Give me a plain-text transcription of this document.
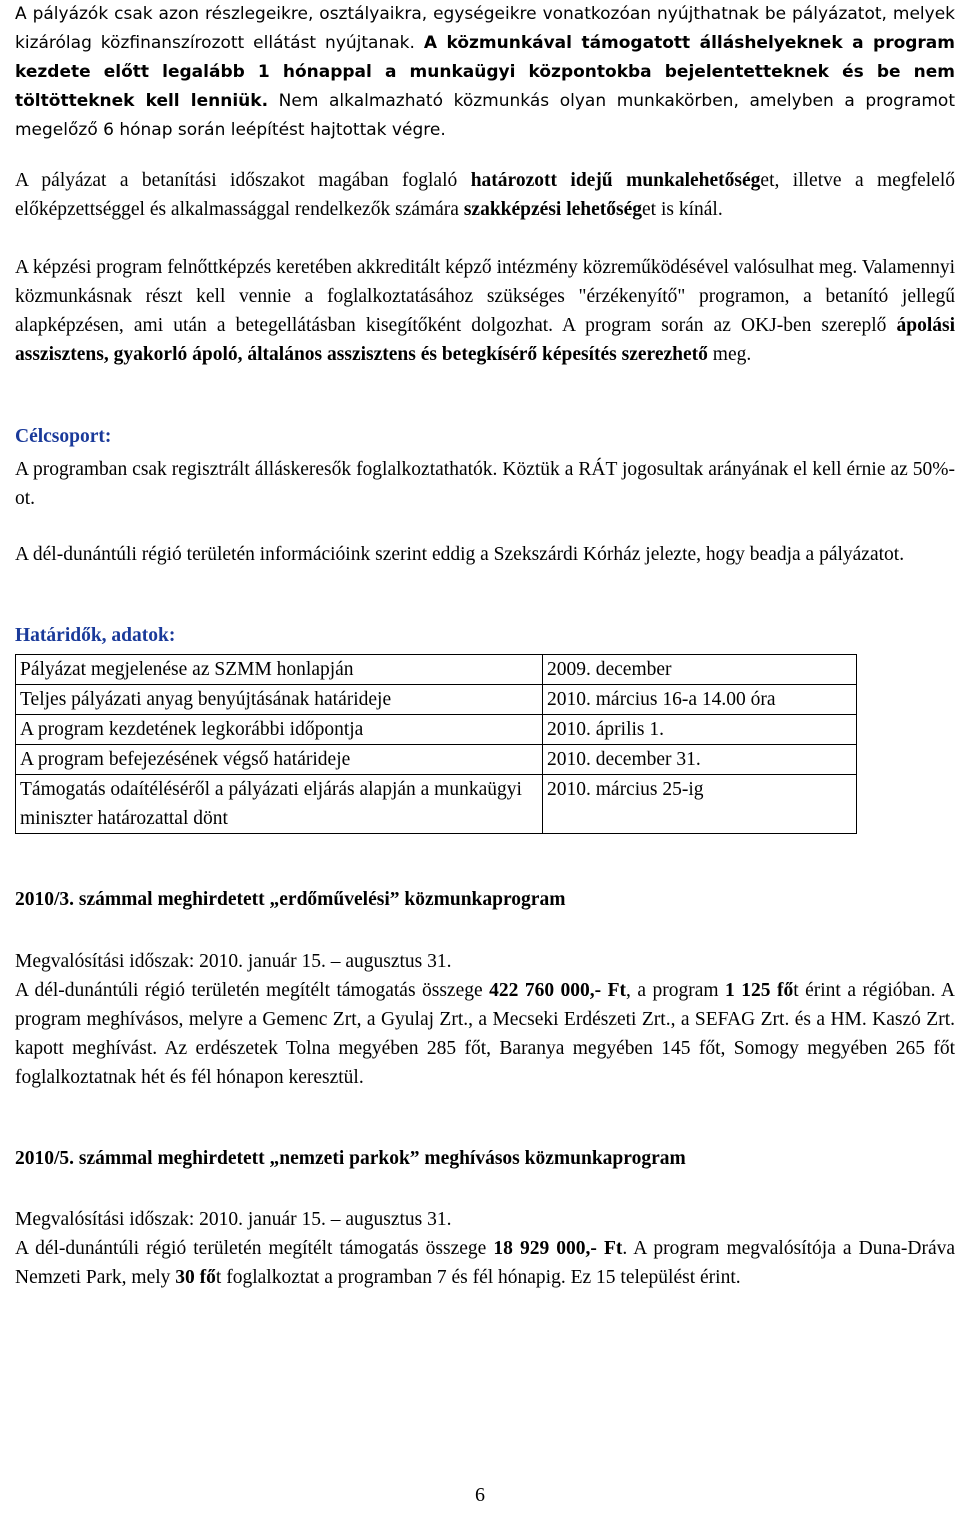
A pályázók csak azon részlegeikre, osztályaikra, egységeikre vonatkozóan nyújthatnak be pályázatot, melyek kizárólag közfinanszírozott ellátást nyújtanak. A közmunkával támogatott álláshelyeknek a program kezdete előtt legalább 1 hónappal a munkaügyi központokba bejelentetteknek és be nem töltötteknek kell lenniük. Nem alkalmazható közmunkás olyan munkakörben, amelyben a programot megelőző 6 hónap során leépítést hajtottak végre.

A pályázat a betanítási időszakot magában foglaló határozott idejű munkalehetőséget, illetve a megfelelő előképzettséggel és alkalmassággal rendelkezők számára szakképzési lehetőséget is kínál.

A képzési program felnőttképzés keretében akkreditált képző intézmény közreműködésével valósulhat meg. Valamennyi közmunkásnak részt kell vennie a foglalkoztatásához szükséges "érzékenyítő" programon, a betanító jellegű alapképzésen, ami után a betegellátásban kisegítőként dolgozhat. A program során az OKJ-ben szereplő ápolási asszisztens, gyakorló ápoló, általános asszisztens és betegkísérő képesítés szerezhető meg.

Célcsoport:

A programban csak regisztrált álláskeresők foglalkoztathatók. Köztük a RÁT jogosultak arányának el kell érnie az 50%-ot.

A dél-dunántúli régió területén információink szerint eddig a Szekszárdi Kórház jelezte, hogy beadja a pályázatot.

Határidők, adatok:

Pályázat megjelenése az SZMM honlapján	2009. december
Teljes pályázati anyag benyújtásának határideje	2010. március 16-a 14.00 óra
A program kezdetének legkorábbi időpontja	2010. április 1.
A program befejezésének végső határideje	2010. december 31.
Támogatás odaítéléséről a pályázati eljárás alapján a munkaügyi miniszter határozattal dönt	2010. március 25-ig

2010/3. számmal meghirdetett „erdőművelési” közmunkaprogram

Megvalósítási időszak: 2010. január 15. – augusztus 31.

A dél-dunántúli régió területén megítélt támogatás összege 422 760 000,- Ft, a program 1 125 főt érint a régióban. A program meghívásos, melyre a Gemenc Zrt, a Gyulaj Zrt., a Mecseki Erdészeti Zrt., a SEFAG Zrt. és a HM. Kaszó Zrt. kapott meghívást. Az erdészetek Tolna megyében 285 főt, Baranya megyében 145 főt, Somogy megyében 265 főt foglalkoztatnak hét és fél hónapon keresztül.

2010/5. számmal meghirdetett „nemzeti parkok” meghívásos közmunkaprogram

Megvalósítási időszak: 2010. január 15. – augusztus 31.

A dél-dunántúli régió területén megítélt támogatás összege 18 929 000,- Ft. A program megvalósítója a Duna-Dráva Nemzeti Park, mely 30 főt foglalkoztat a programban 7 és fél hónapig. Ez 15 települést érint.

6
